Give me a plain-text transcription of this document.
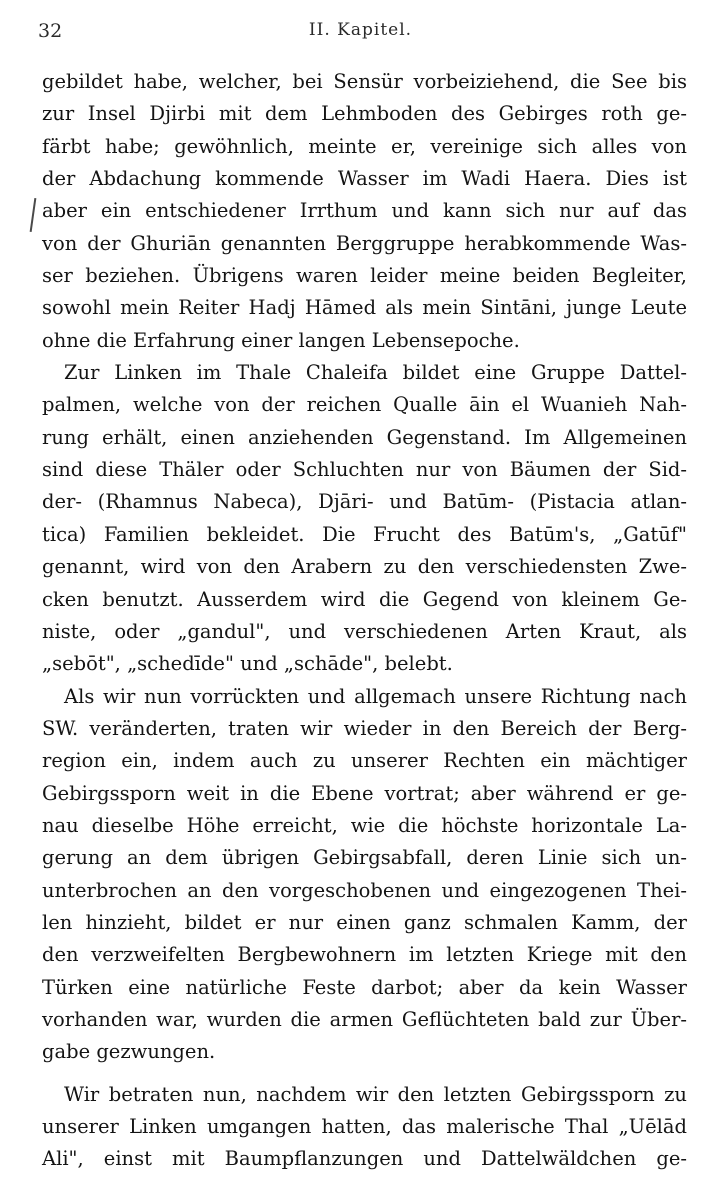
32	II. Kapitel.
gebildet habe, welcher, bei Sensür vorbeiziehend, die See bis
zur Insel Djirbi mit dem Lehmboden des Gebirges roth ge-
färbt habe; gewöhnlich, meinte er, vereinige sich alles von
der Abdachung kommende Wasser im Wadi Haera. Dies ist
aber ein entschiedener Irrthum und kann sich nur auf das
von der Ghuriān genannten Berggruppe herabkommende Was-
ser beziehen. Übrigens waren leider meine beiden Begleiter,
sowohl mein Reiter Hadj Hāmed als mein Sintāni, junge Leute
ohne die Erfahrung einer langen Lebensepoche.
Zur Linken im Thale Chaleifa bildet eine Gruppe Dattel-
palmen, welche von der reichen Qualle āin el Wuanieh Nah-
rung erhält, einen anziehenden Gegenstand. Im Allgemeinen
sind diese Thäler oder Schluchten nur von Bäumen der Sid-
der- (Rhamnus Nabeca), Djāri- und Batūm- (Pistacia atlan-
tica) Familien bekleidet. Die Frucht des Batūm's, „Gatūf"
genannt, wird von den Arabern zu den verschiedensten Zwe-
cken benutzt. Ausserdem wird die Gegend von kleinem Ge-
niste, oder „gandul", und verschiedenen Arten Kraut, als
„sebōt", „schedīde" und „schāde", belebt.
Als wir nun vorrückten und allgemach unsere Richtung nach
SW. veränderten, traten wir wieder in den Bereich der Berg-
region ein, indem auch zu unserer Rechten ein mächtiger
Gebirgssporn weit in die Ebene vortrat; aber während er ge-
nau dieselbe Höhe erreicht, wie die höchste horizontale La-
gerung an dem übrigen Gebirgsabfall, deren Linie sich un-
unterbrochen an den vorgeschobenen und eingezogenen Thei-
len hinzieht, bildet er nur einen ganz schmalen Kamm, der
den verzweifelten Bergbewohnern im letzten Kriege mit den
Türken eine natürliche Feste darbot; aber da kein Wasser
vorhanden war, wurden die armen Geflüchteten bald zur Über-
gabe gezwungen.
Wir betraten nun, nachdem wir den letzten Gebirgssporn zu
unserer Linken umgangen hatten, das malerische Thal „Uēlād
Ali", einst mit Baumpflanzungen und Dattelwäldchen ge-
